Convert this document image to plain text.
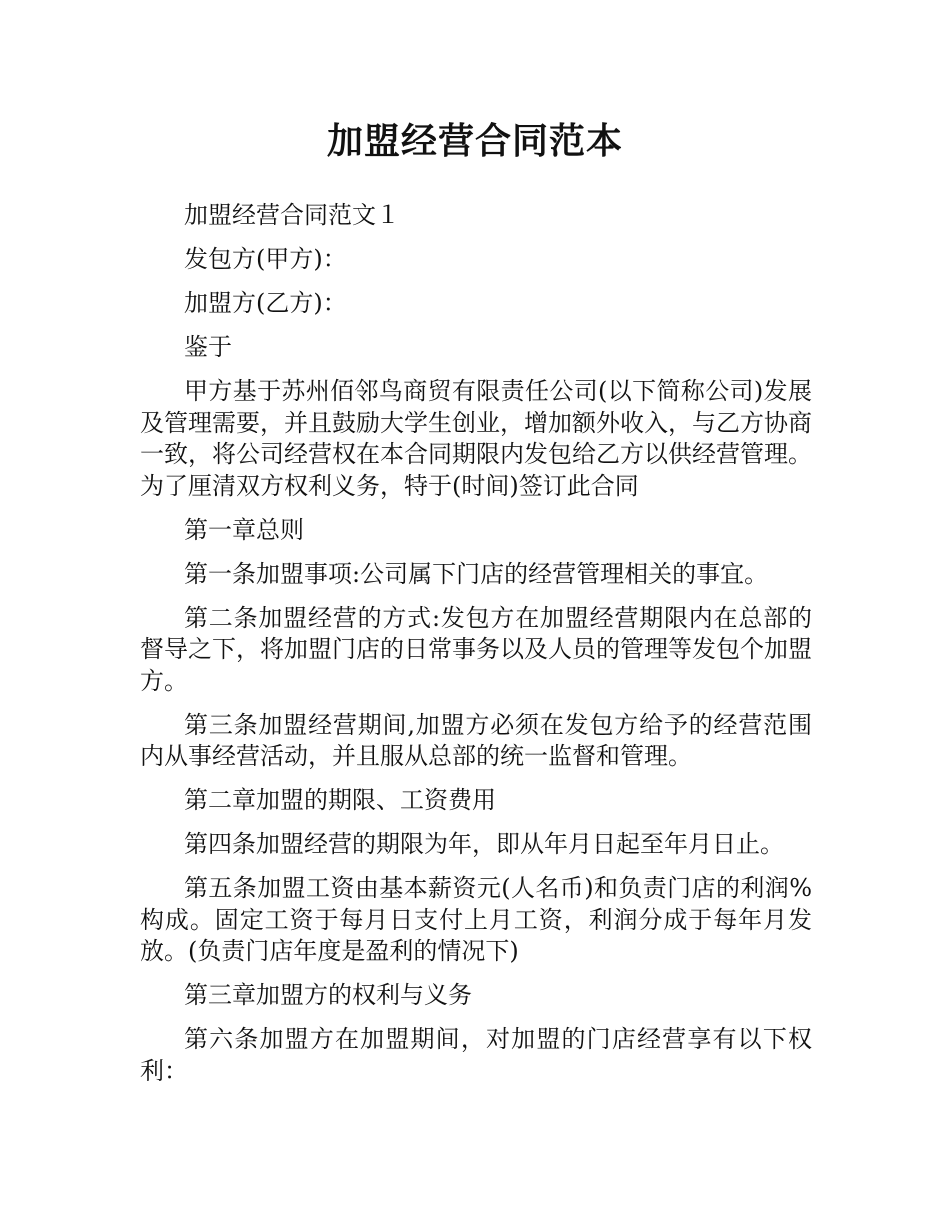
加盟经营合同范本

加盟经营合同范文１

发包方(甲方)：

加盟方(乙方)：

鉴于

甲方基于苏州佰邻鸟商贸有限责任公司(以下简称公司)发展及管理需要，并且鼓励大学生创业，增加额外收入，与乙方协商一致，将公司经营权在本合同期限内发包给乙方以供经营管理。为了厘清双方权利义务，特于(时间)签订此合同

第一章总则

第一条加盟事项:公司属下门店的经营管理相关的事宜。

第二条加盟经营的方式:发包方在加盟经营期限内在总部的督导之下，将加盟门店的日常事务以及人员的管理等发包个加盟方。

第三条加盟经营期间,加盟方必须在发包方给予的经营范围内从事经营活动，并且服从总部的统一监督和管理。

第二章加盟的期限、工资费用

第四条加盟经营的期限为年，即从年月日起至年月日止。

第五条加盟工资由基本薪资元(人名币)和负责门店的利润%构成。固定工资于每月日支付上月工资，利润分成于每年月发放。(负责门店年度是盈利的情况下)

第三章加盟方的权利与义务

第六条加盟方在加盟期间，对加盟的门店经营享有以下权利：
